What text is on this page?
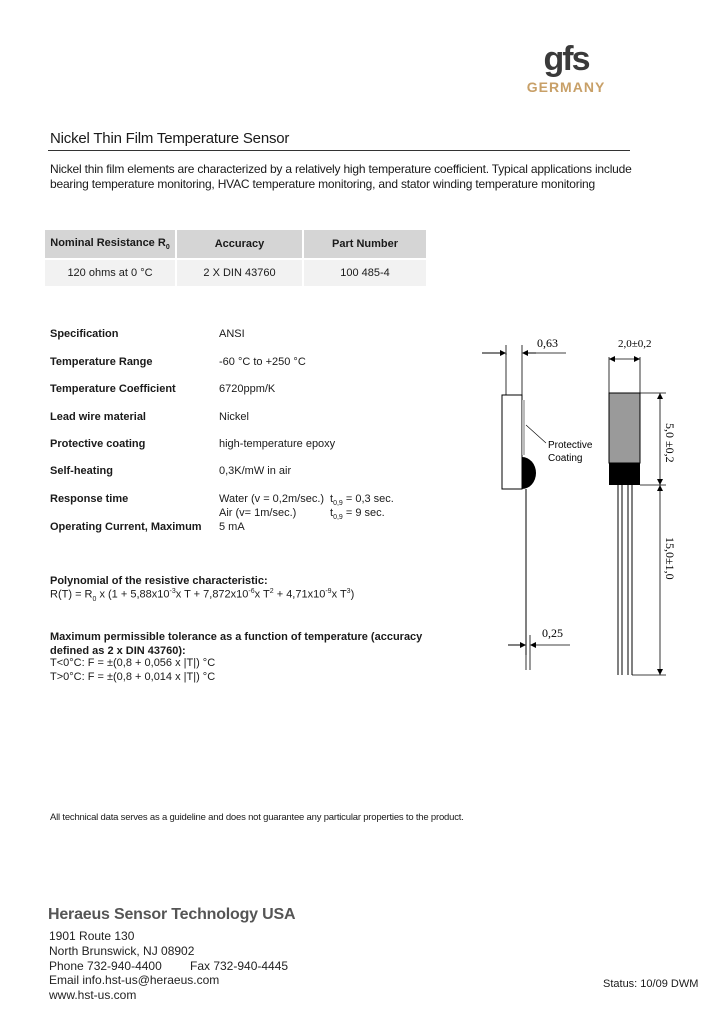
gfs
GERMANY
Nickel Thin Film Temperature Sensor
Nickel thin film elements are characterized by a relatively high temperature coefficient. Typical applications include
bearing temperature monitoring, HVAC temperature monitoring, and stator winding temperature monitoring
Nominal Resistance $R_0$	Accuracy	Part Number
120 ohms at 0 °C	2 X DIN 43760	100 485-4
Specification	ANSI
Temperature Range	-60 °C to +250 °C
Temperature Coefficient	6720ppm/K
Lead wire material	Nickel
Protective coating	high-temperature epoxy
Self-heating	0,3K/mW in air
Response time	Water (v = 0,2m/sec.) $t_{0,9} = 0,3$ sec.
Air (v= 1m/sec.)	$t_{0,9} = 9$ sec.
Operating Current, Maximum 5 mA
Polynomial of the resistive characteristic:
$R(T) = R_0$ x ($1 + 5,88x10^{-3}x$ $T + 7,872x10^{-6}x$ $T^2 + 4,71x10^{-9}x$ $T^3$)
Maximum permissible tolerance as a function of temperature (accuracy
defined as 2 x DIN 43760):
T<0°C: F = ±(0,8 + 0,056 x |T|) °C
T>0°C: F = ±(0,8 + 0,014 x |T|) °C
0,63
Protective
Coating
0,25
2,0±0,2
5,0 ±0,2
15,0±1,0
All technical data serves as a guideline and does not guarantee any particular properties to the product.
Heraeus Sensor Technology USA
1901 Route 130
North Brunswick, NJ 08902
Phone 732-940-4400 Fax 732-940-4445
Email info.hst-us@heraeus.com
www.hst-us.com
Status: 10/09 DWM
